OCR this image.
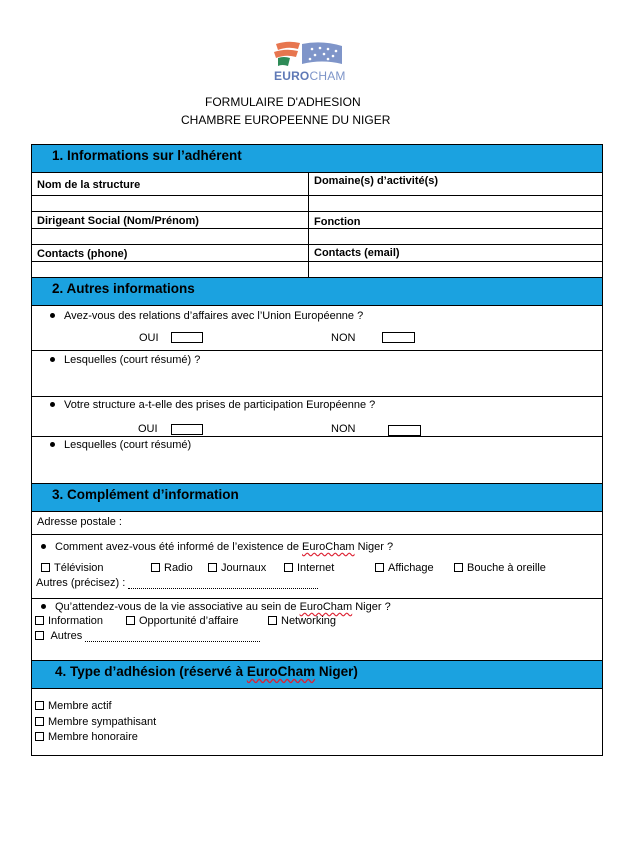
EUROCHAM
FORMULAIRE D'ADHESION
CHAMBRE EUROPEENNE DU NIGER
1. Informations sur l’adhérent
Nom de la structure	Domaine(s) d’activité(s)
Dirigeant Social (Nom/Prénom)	Fonction
Contacts (phone)	Contacts (email)
2. Autres informations
Avez-vous des relations d’affaires avec l’Union Européenne ?
OUI	NON
Lesquelles (court résumé) ?
Votre structure a-t-elle des prises de participation Européenne ?
OUI	NON
Lesquelles (court résumé)
3. Complément d’information
Adresse postale :
Comment avez-vous été informé de l’existence de EuroCham Niger ?
Télévision	Radio	Journaux	Internet	Affichage	Bouche à oreille
Autres (précisez) :
Qu’attendez-vous de la vie associative au sein de EuroCham Niger ?
Information	Opportunité d’affaire	Networking
Autres
4. Type d’adhésion (réservé à EuroCham Niger)
Membre actif
Membre sympathisant
Membre honoraire
